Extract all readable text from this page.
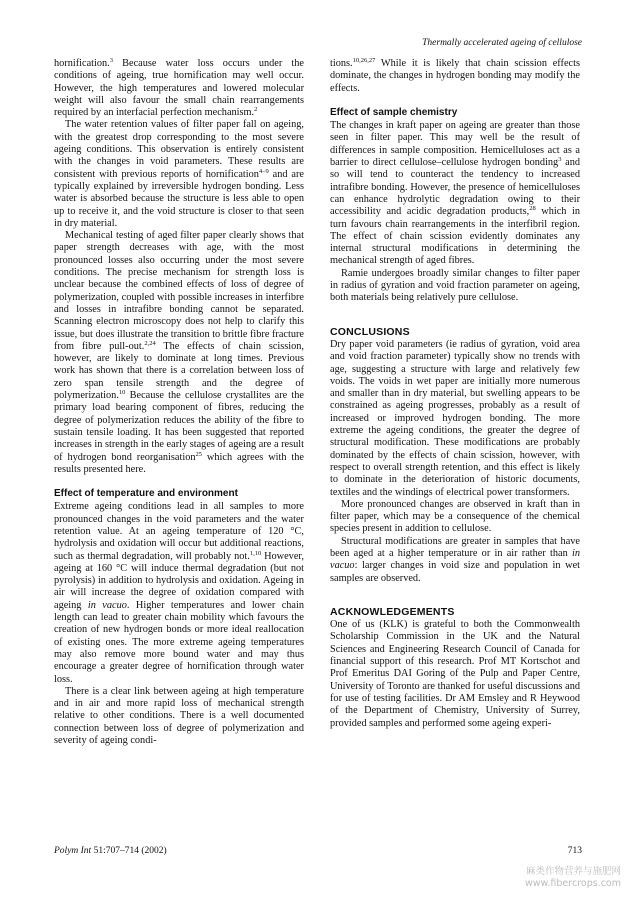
Thermally accelerated ageing of cellulose

hornification.$^3$ Because water loss occurs under the conditions of ageing, true hornification may well occur. However, the high temperatures and lowered molecular weight will also favour the small chain rearrangements required by an interfacial perfection mechanism.$^2$

The water retention values of filter paper fall on ageing, with the greatest drop corresponding to the most severe ageing conditions. This observation is entirely consistent with the changes in void parameters. These results are consistent with previous reports of hornification$^{4-9}$ and are typically explained by irreversible hydrogen bonding. Less water is absorbed because the structure is less able to open up to receive it, and the void structure is closer to that seen in dry material.

Mechanical testing of aged filter paper clearly shows that paper strength decreases with age, with the most pronounced losses also occurring under the most severe conditions. The precise mechanism for strength loss is unclear because the combined effects of loss of degree of polymerization, coupled with possible increases in interfibre and losses in intrafibre bonding cannot be separated. Scanning electron microscopy does not help to clarify this issue, but does illustrate the transition to brittle fibre fracture from fibre pull-out.$^{2,24}$ The effects of chain scission, however, are likely to dominate at long times. Previous work has shown that there is a correlation between loss of zero span tensile strength and the degree of polymerization.$^{10}$ Because the cellulose crystallites are the primary load bearing component of fibres, reducing the degree of polymerization reduces the ability of the fibre to sustain tensile loading. It has been suggested that reported increases in strength in the early stages of ageing are a result of hydrogen bond reorganisation$^{25}$ which agrees with the results presented here.

Effect of temperature and environment

Extreme ageing conditions lead in all samples to more pronounced changes in the void parameters and the water retention value. At an ageing temperature of 120 °C, hydrolysis and oxidation will occur but additional reactions, such as thermal degradation, will probably not.$^{1,10}$ However, ageing at 160 °C will induce thermal degradation (but not pyrolysis) in addition to hydrolysis and oxidation. Ageing in air will increase the degree of oxidation compared with ageing in vacuo. Higher temperatures and lower chain length can lead to greater chain mobility which favours the creation of new hydrogen bonds or more ideal reallocation of existing ones. The more extreme ageing temperatures may also remove more bound water and may thus encourage a greater degree of hornification through water loss.

There is a clear link between ageing at high temperature and in air and more rapid loss of mechanical strength relative to other conditions. There is a well documented connection between loss of degree of polymerization and severity of ageing condi-

tions.$^{10,26,27}$ While it is likely that chain scission effects dominate, the changes in hydrogen bonding may modify the effects.

Effect of sample chemistry

The changes in kraft paper on ageing are greater than those seen in filter paper. This may well be the result of differences in sample composition. Hemicelluloses act as a barrier to direct cellulose–cellulose hydrogen bonding$^3$ and so will tend to counteract the tendency to increased intrafibre bonding. However, the presence of hemicelluloses can enhance hydrolytic degradation owing to their accessibility and acidic degradation products,$^{28}$ which in turn favours chain rearrangements in the interfibril region. The effect of chain scission evidently dominates any internal structural modifications in determining the mechanical strength of aged fibres.

Ramie undergoes broadly similar changes to filter paper in radius of gyration and void fraction parameter on ageing, both materials being relatively pure cellulose.

CONCLUSIONS

Dry paper void parameters (ie radius of gyration, void area and void fraction parameter) typically show no trends with age, suggesting a structure with large and relatively few voids. The voids in wet paper are initially more numerous and smaller than in dry material, but swelling appears to be constrained as ageing progresses, probably as a result of increased or improved hydrogen bonding. The more extreme the ageing conditions, the greater the degree of structural modification. These modifications are probably dominated by the effects of chain scission, however, with respect to overall strength retention, and this effect is likely to dominate in the deterioration of historic documents, textiles and the windings of electrical power transformers.

More pronounced changes are observed in kraft than in filter paper, which may be a consequence of the chemical species present in addition to cellulose.

Structural modifications are greater in samples that have been aged at a higher temperature or in air rather than in vacuo: larger changes in void size and population in wet samples are observed.

ACKNOWLEDGEMENTS

One of us (KLK) is grateful to both the Commonwealth Scholarship Commission in the UK and the Natural Sciences and Engineering Research Council of Canada for financial support of this research. Prof MT Kortschot and Prof Emeritus DAI Goring of the Pulp and Paper Centre, University of Toronto are thanked for useful discussions and for use of testing facilities. Dr AM Emsley and R Heywood of the Department of Chemistry, University of Surrey, provided samples and performed some ageing experi-

Polym Int 51:707–714 (2002)	713
麻类作物营养与施肥网
www.fibercrops.com
